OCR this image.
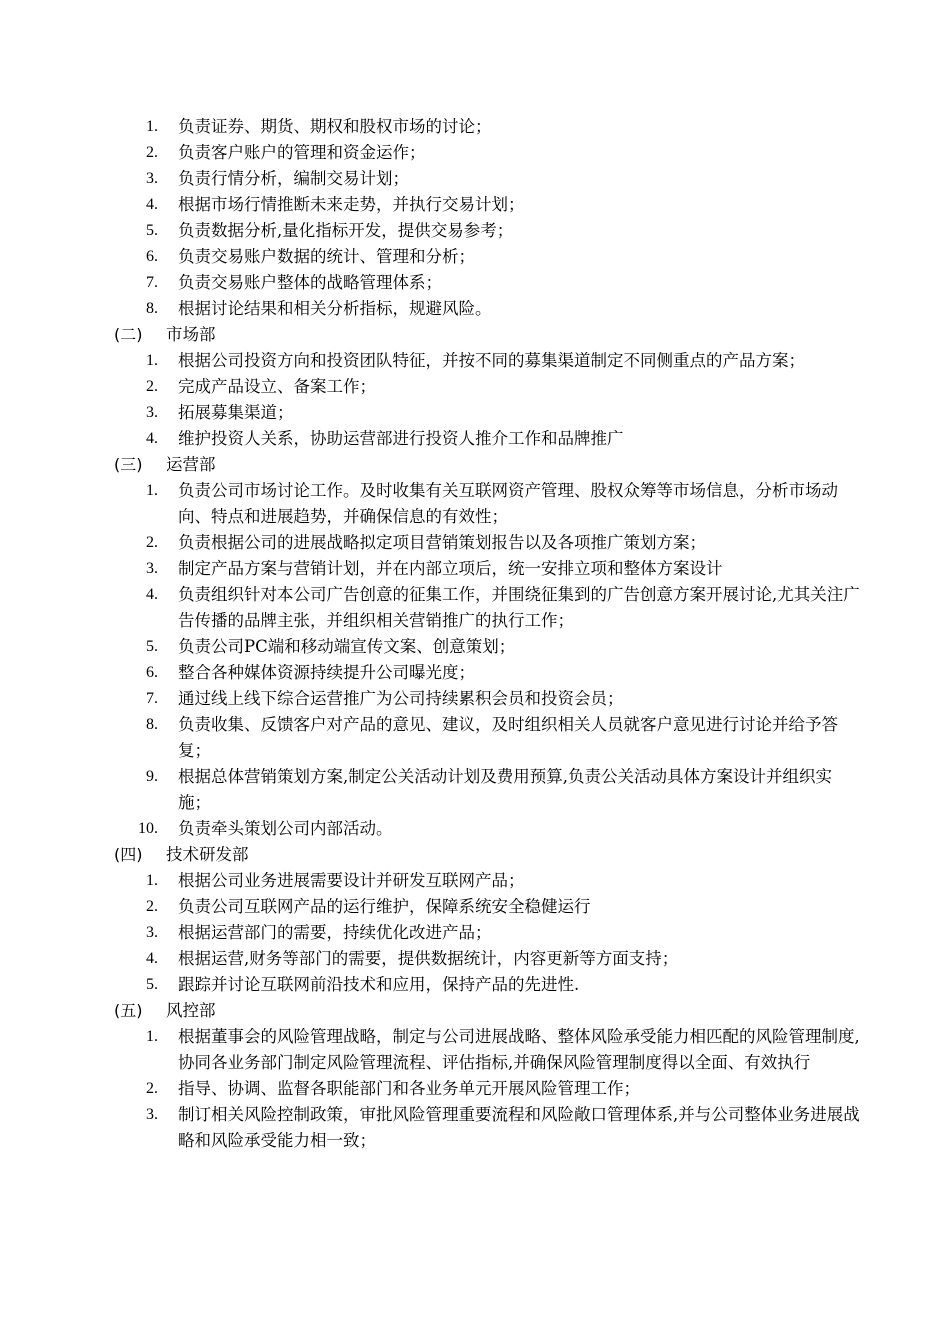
1. 负责证券、期货、期权和股权市场的讨论；
2. 负责客户账户的管理和资金运作；
3. 负责行情分析，编制交易计划；
4. 根据市场行情推断未来走势，并执行交易计划；
5. 负责数据分析,量化指标开发，提供交易参考；
6. 负责交易账户数据的统计、管理和分析；
7. 负责交易账户整体的战略管理体系；
8. 根据讨论结果和相关分析指标，规避风险。
(二) 市场部
1. 根据公司投资方向和投资团队特征，并按不同的募集渠道制定不同侧重点的产品方案；
2. 完成产品设立、备案工作；
3. 拓展募集渠道；
4. 维护投资人关系，协助运营部进行投资人推介工作和品牌推广
(三) 运营部
1. 负责公司市场讨论工作。及时收集有关互联网资产管理、股权众筹等市场信息，分析市场动向、特点和进展趋势，并确保信息的有效性；
2. 负责根据公司的进展战略拟定项目营销策划报告以及各项推广策划方案；
3. 制定产品方案与营销计划，并在内部立项后，统一安排立项和整体方案设计
4. 负责组织针对本公司广告创意的征集工作，并围绕征集到的广告创意方案开展讨论,尤其关注广告传播的品牌主张，并组织相关营销推广的执行工作；
5. 负责公司PC端和移动端宣传文案、创意策划；
6. 整合各种媒体资源持续提升公司曝光度；
7. 通过线上线下综合运营推广为公司持续累积会员和投资会员；
8. 负责收集、反馈客户对产品的意见、建议，及时组织相关人员就客户意见进行讨论并给予答复；
9. 根据总体营销策划方案,制定公关活动计划及费用预算,负责公关活动具体方案设计并组织实施；
10. 负责牵头策划公司内部活动。
(四) 技术研发部
1. 根据公司业务进展需要设计并研发互联网产品；
2. 负责公司互联网产品的运行维护，保障系统安全稳健运行
3. 根据运营部门的需要，持续优化改进产品；
4. 根据运营,财务等部门的需要，提供数据统计，内容更新等方面支持；
5. 跟踪并讨论互联网前沿技术和应用，保持产品的先进性.
(五) 风控部
1. 根据董事会的风险管理战略，制定与公司进展战略、整体风险承受能力相匹配的风险管理制度,协同各业务部门制定风险管理流程、评估指标,并确保风险管理制度得以全面、有效执行
2. 指导、协调、监督各职能部门和各业务单元开展风险管理工作；
3. 制订相关风险控制政策，审批风险管理重要流程和风险敞口管理体系,并与公司整体业务进展战略和风险承受能力相一致；
